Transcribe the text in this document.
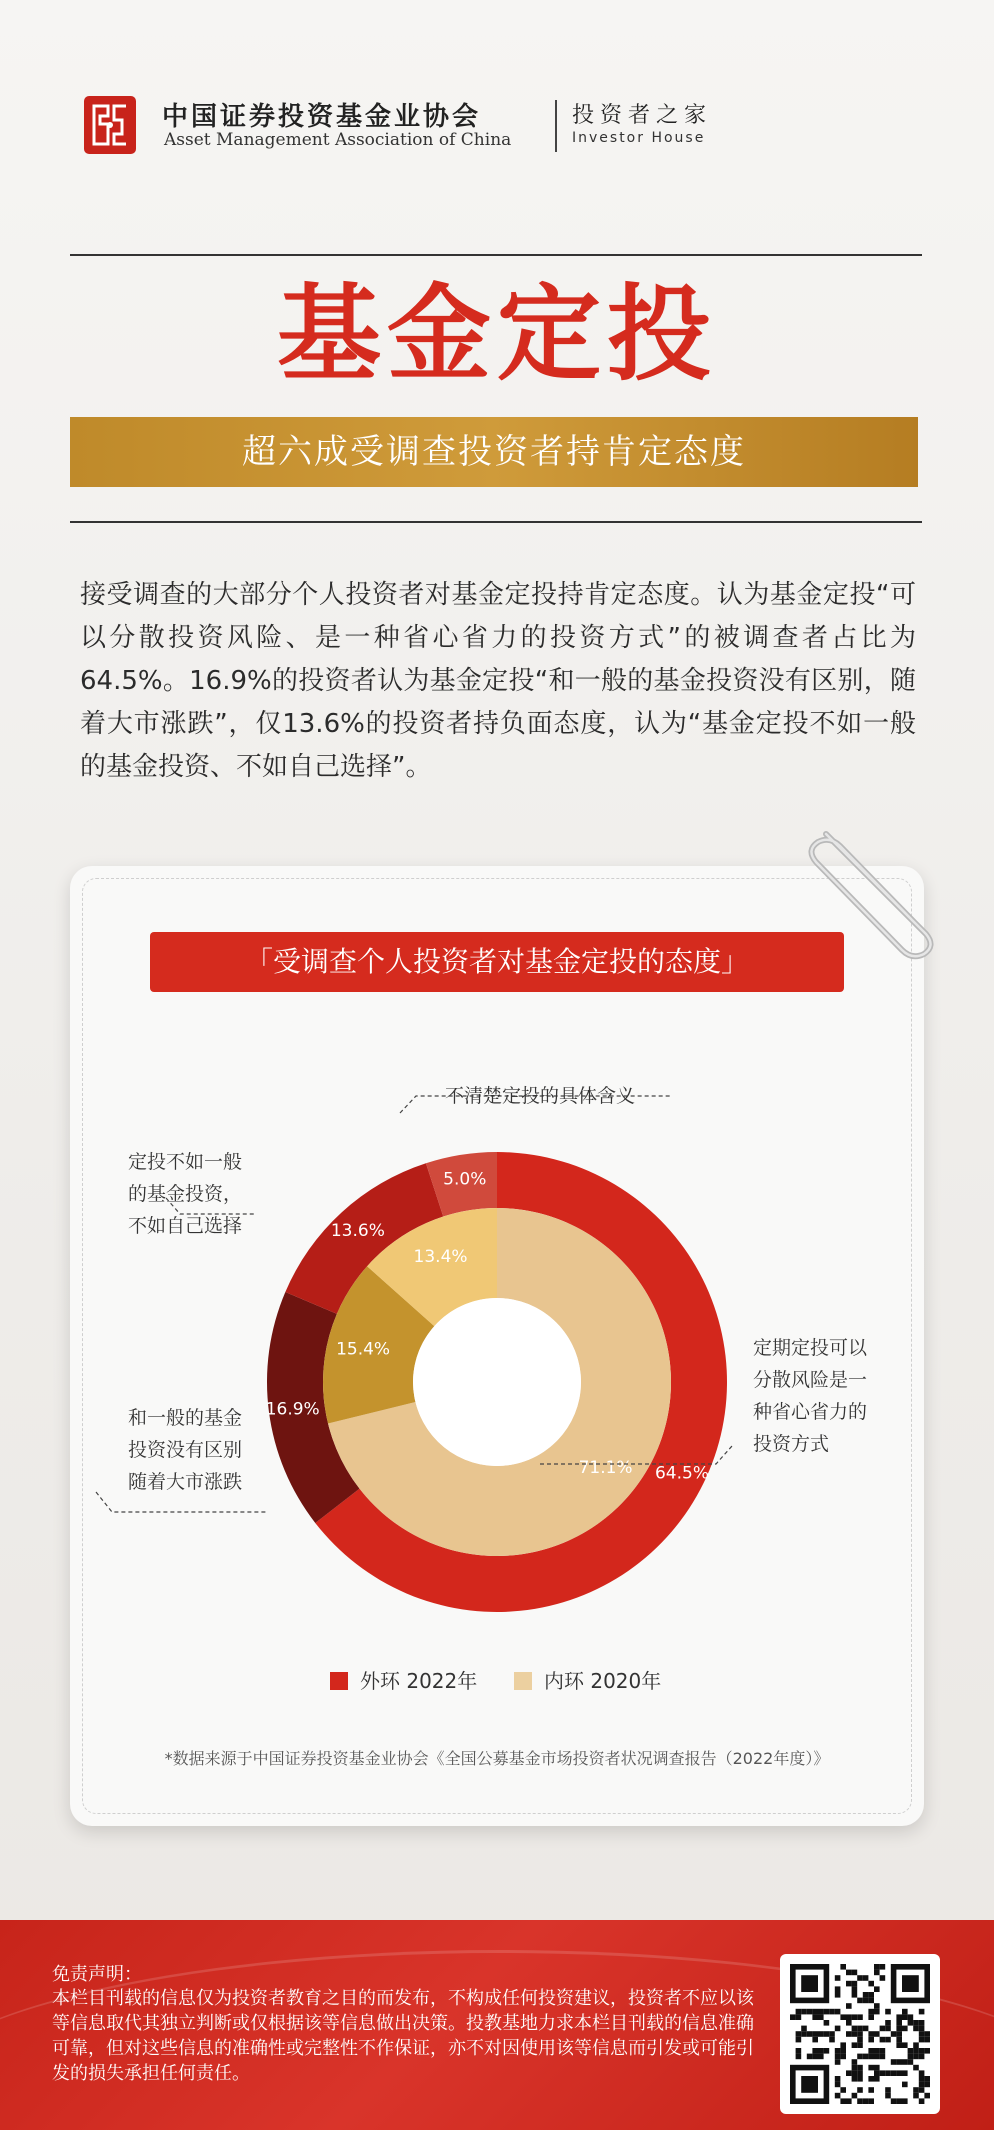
中国证券投资基金业协会
Asset Management Association of China
投资者之家
Investor House
基金定投
超六成受调查投资者持肯定态度
接受调查的大部分个人投资者对基金定投持肯定态度。认为基金定投“可以分散投资风险、是一种省心省力的投资方式”的被调查者占比为64.5%。16.9%的投资者认为基金定投“和一般的基金投资没有区别，随着大市涨跌”，仅13.6%的投资者持负面态度，认为“基金定投不如一般的基金投资、不如自己选择”。
「受调查个人投资者对基金定投的态度」
64.5%
16.9%
13.6%
5.0%
71.1%
15.4%
13.4%
不清楚定投的具体含义
定投不如一般
的基金投资，
不如自己选择
和一般的基金
投资没有区别
随着大市涨跌
定期定投可以
分散风险是一
种省心省力的
投资方式
外环 2022年	内环 2020年
*数据来源于中国证券投资基金业协会《全国公募基金市场投资者状况调查报告（2022年度）》
免责声明：
本栏目刊载的信息仅为投资者教育之目的而发布，不构成任何投资建议，投资者不应以该等信息取代其独立判断或仅根据该等信息做出决策。投教基地力求本栏目刊载的信息准确可靠，但对这些信息的准确性或完整性不作保证，亦不对因使用该等信息而引发或可能引发的损失承担任何责任。
